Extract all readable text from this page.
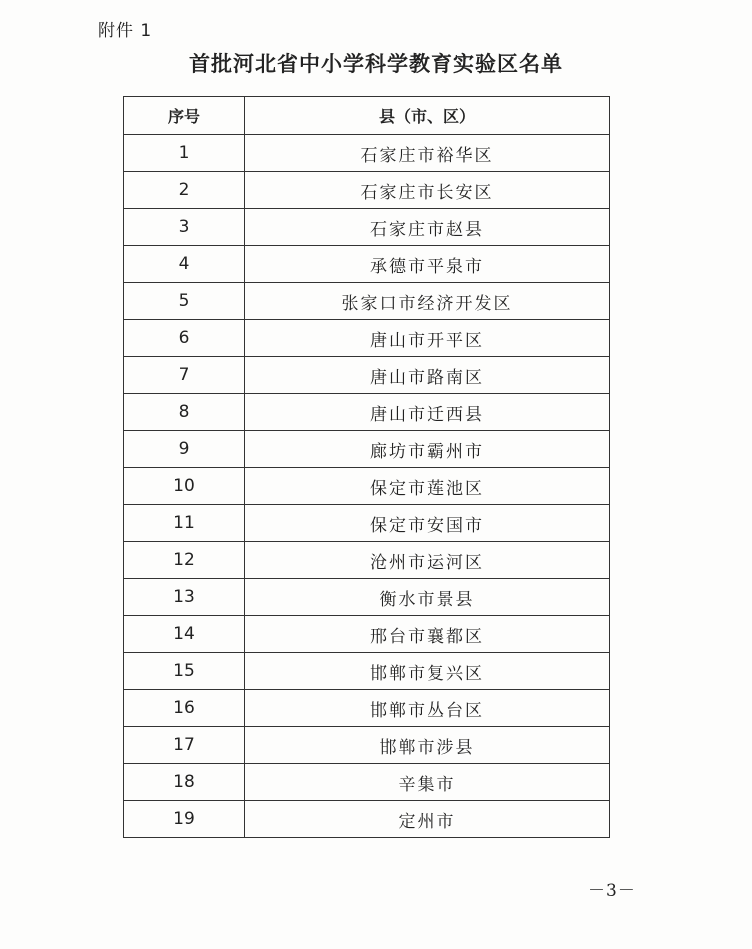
附件 1
首批河北省中小学科学教育实验区名单
序号	县（市、区）
1	石家庄市裕华区
2	石家庄市长安区
3	石家庄市赵县
4	承德市平泉市
5	张家口市经济开发区
6	唐山市开平区
7	唐山市路南区
8	唐山市迁西县
9	廊坊市霸州市
10	保定市莲池区
11	保定市安国市
12	沧州市运河区
13	衡水市景县
14	邢台市襄都区
15	邯郸市复兴区
16	邯郸市丛台区
17	邯郸市涉县
18	辛集市
19	定州市
－3－
